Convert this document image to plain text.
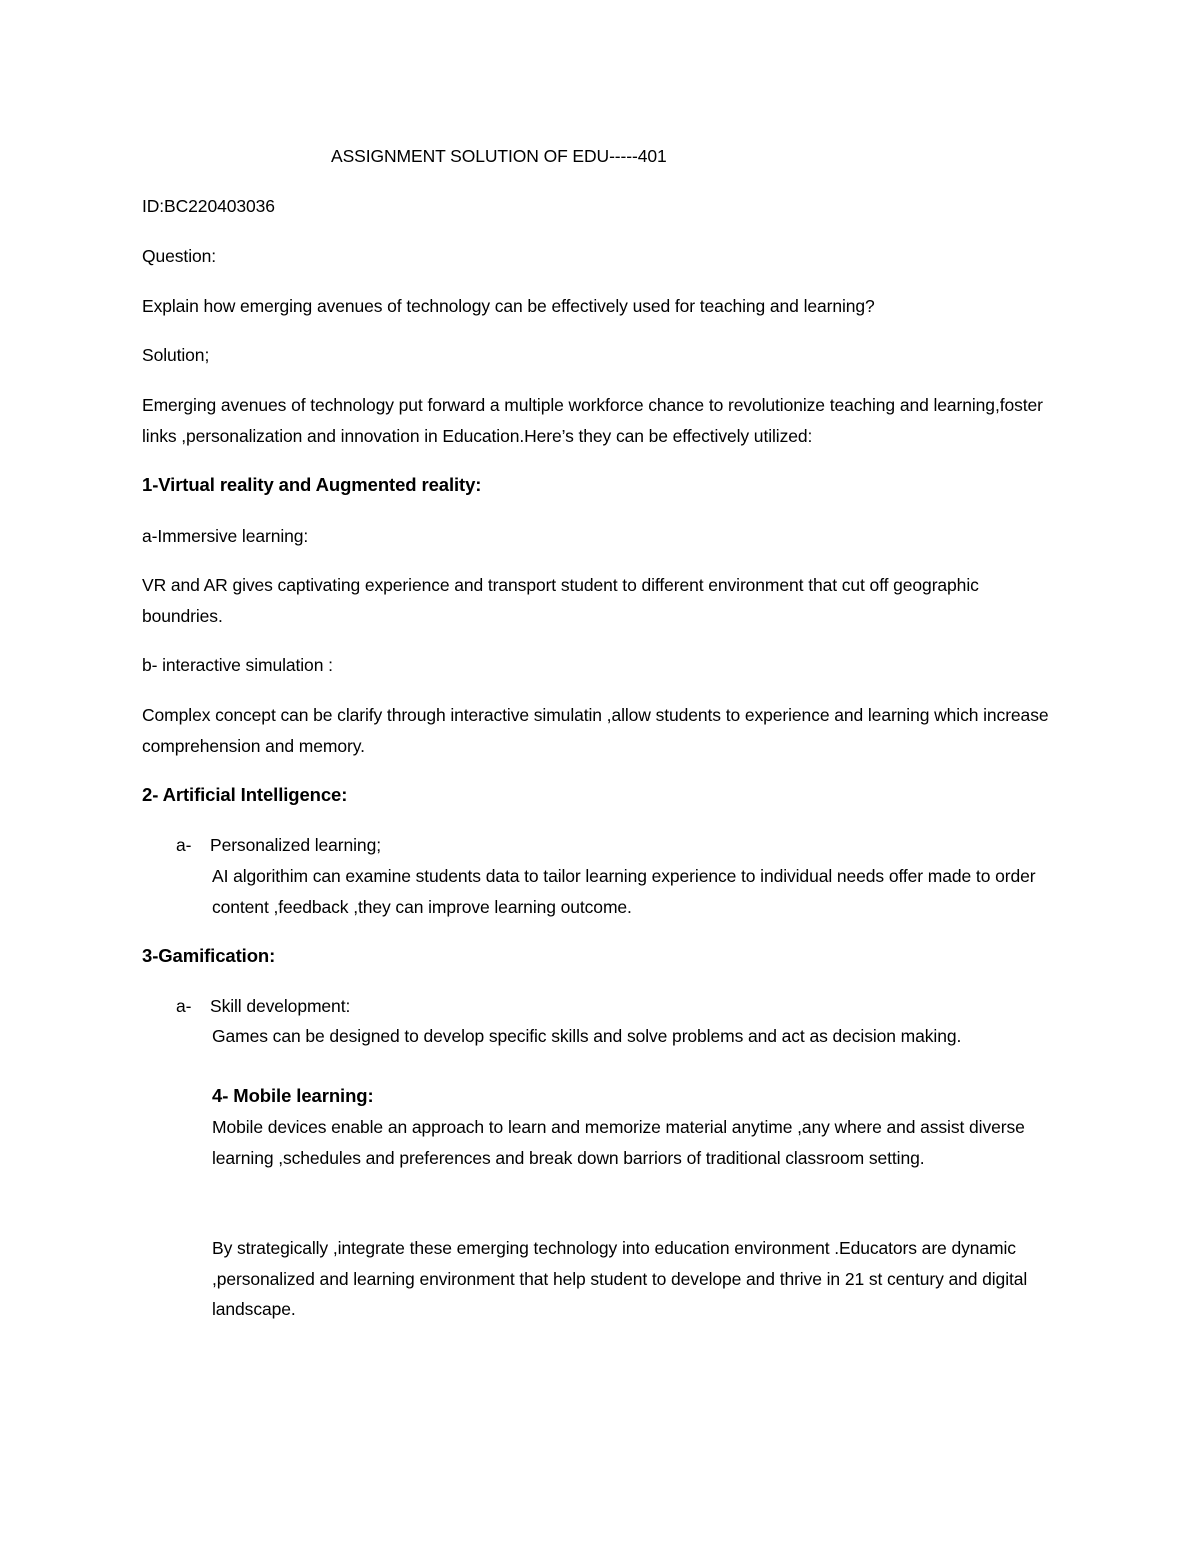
ASSIGNMENT SOLUTION OF EDU-----401
ID:BC220403036
Question:
Explain how emerging avenues of technology can be effectively used for teaching and learning?
Solution;
Emerging avenues of technology put forward a multiple workforce chance to revolutionize teaching and learning,foster links ,personalization and innovation in Education.Here’s they can be effectively utilized:
1-Virtual reality and Augmented reality:
a-Immersive learning:
VR and AR gives captivating experience and transport student to different environment that cut off geographic boundries.
b- interactive simulation :
Complex concept can be clarify through interactive simulatin ,allow students to experience and learning which increase comprehension and memory.
2- Artificial Intelligence:
a- Personalized learning;
AI algorithim can examine students data to tailor learning experience to individual needs offer made to order content ,feedback ,they can improve learning outcome.
3-Gamification:
a- Skill development:
Games can be designed to develop specific skills and solve problems and act as decision making.
4- Mobile learning:
Mobile devices enable an approach to learn and memorize material anytime ,any where and assist diverse learning ,schedules and preferences and break down barriors of traditional classroom setting.
By strategically ,integrate these emerging technology into education environment .Educators are dynamic ,personalized and learning environment that help student to develope and thrive in 21 st century and digital landscape.
